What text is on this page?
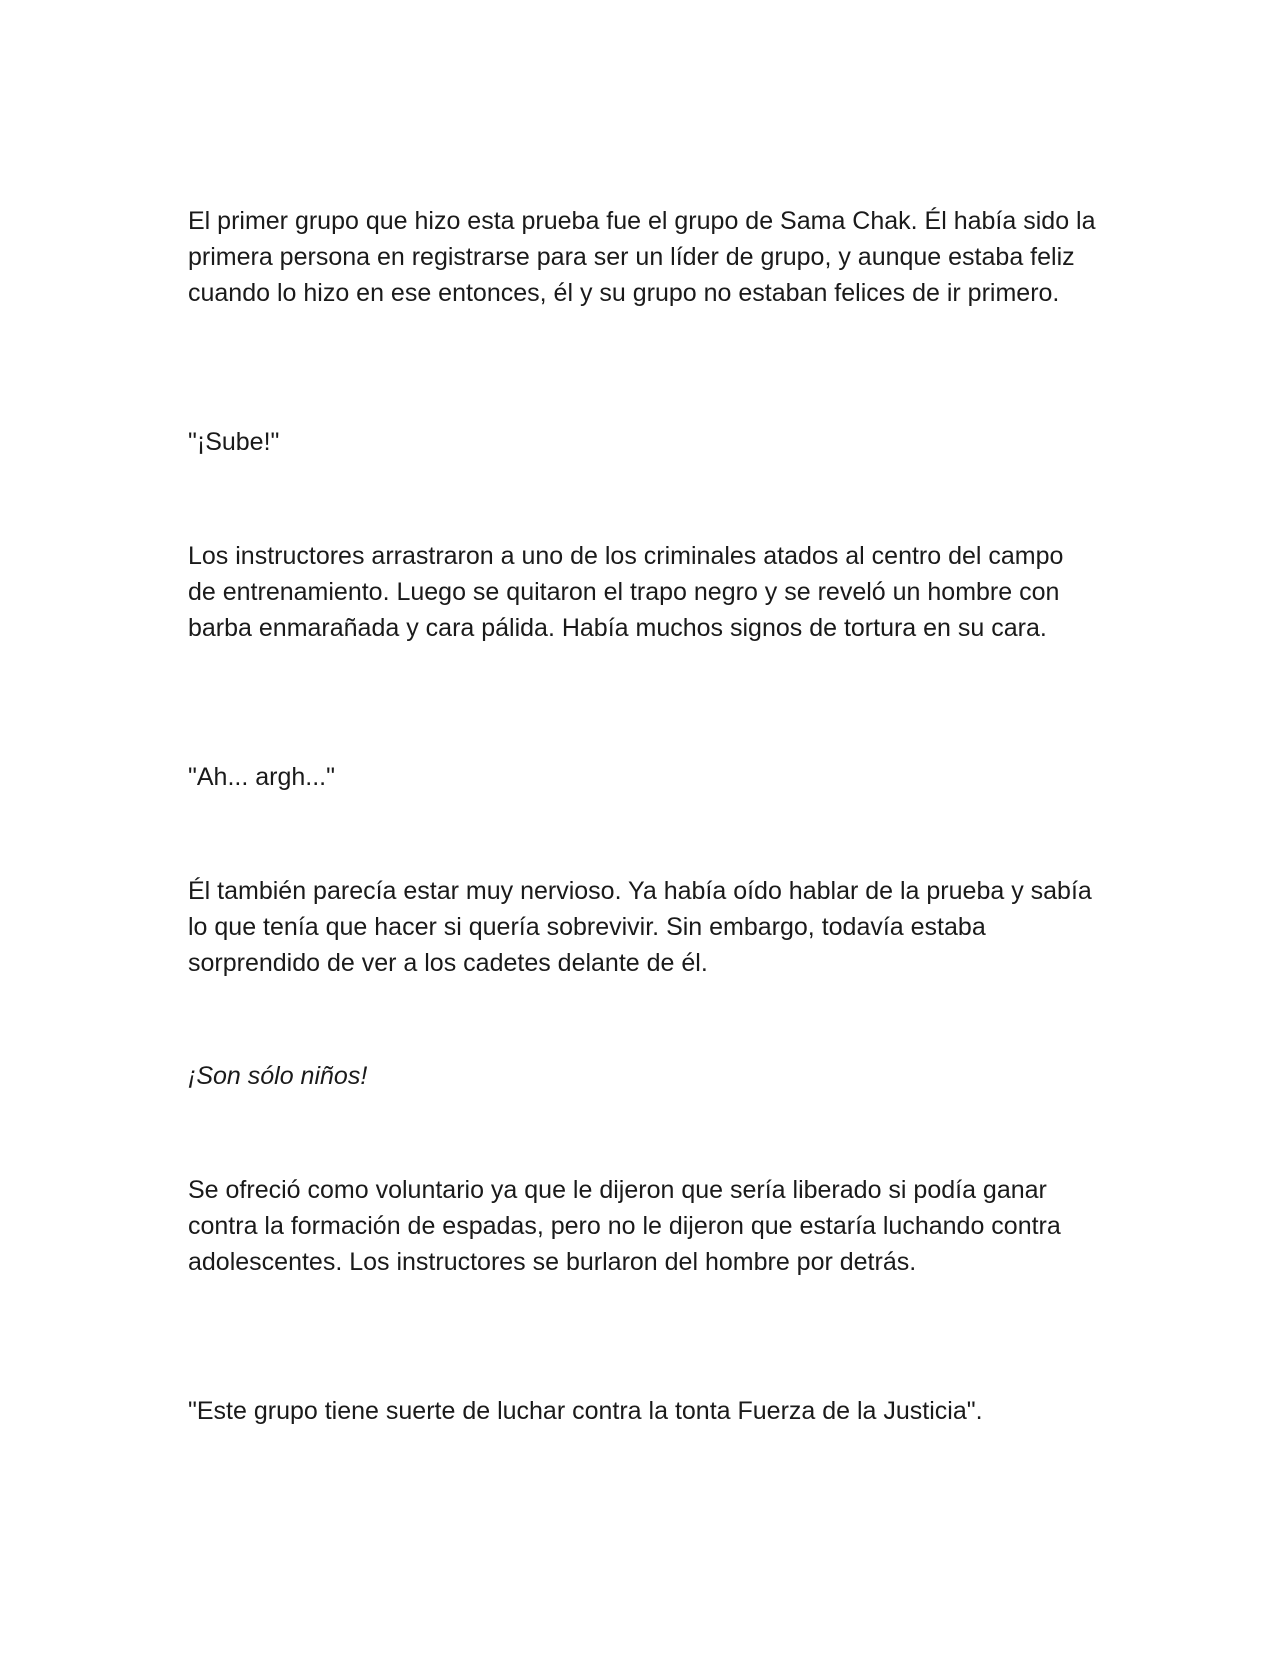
El primer grupo que hizo esta prueba fue el grupo de Sama Chak. Él había sido la primera persona en registrarse para ser un líder de grupo, y aunque estaba feliz cuando lo hizo en ese entonces, él y su grupo no estaban felices de ir primero.

"¡Sube!"

Los instructores arrastraron a uno de los criminales atados al centro del campo de entrenamiento. Luego se quitaron el trapo negro y se reveló un hombre con barba enmarañada y cara pálida. Había muchos signos de tortura en su cara.

"Ah... argh..."

Él también parecía estar muy nervioso. Ya había oído hablar de la prueba y sabía lo que tenía que hacer si quería sobrevivir. Sin embargo, todavía estaba sorprendido de ver a los cadetes delante de él.

¡Son sólo niños!

Se ofreció como voluntario ya que le dijeron que sería liberado si podía ganar contra la formación de espadas, pero no le dijeron que estaría luchando contra adolescentes. Los instructores se burlaron del hombre por detrás.

"Este grupo tiene suerte de luchar contra la tonta Fuerza de la Justicia".
